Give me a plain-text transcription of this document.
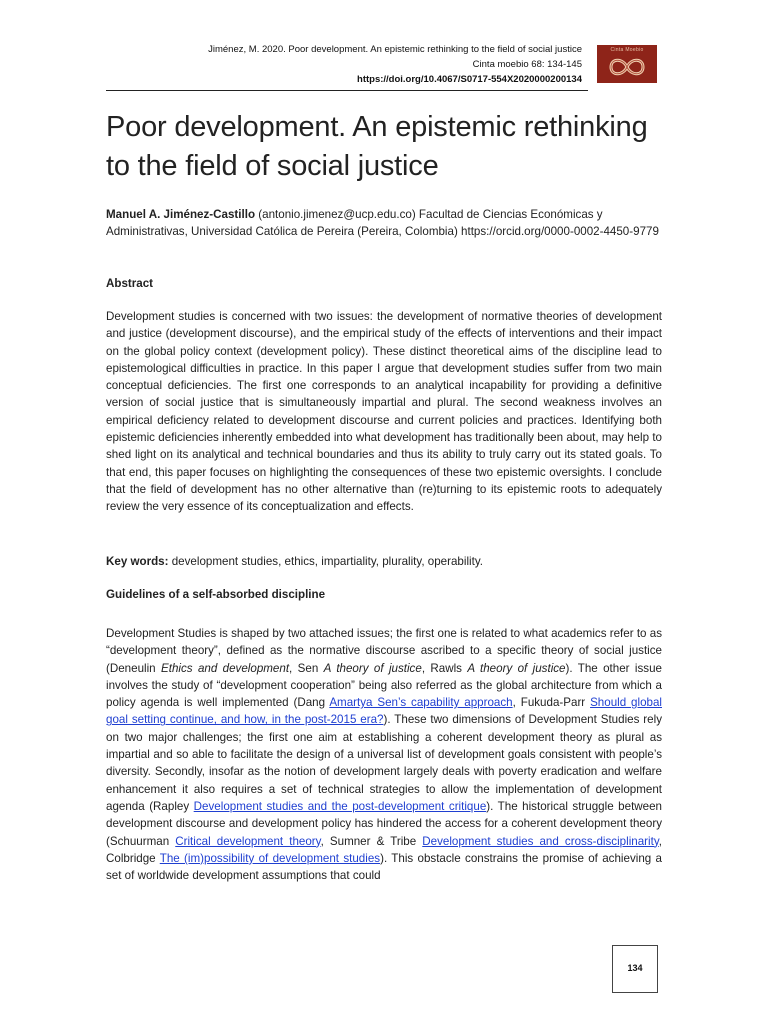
Jiménez, M. 2020. Poor development. An epistemic rethinking to the field of social justice
Cinta moebio 68: 134-145
https://doi.org/10.4067/S0717-554X2020000200134
Cinta Moebio
Poor development. An epistemic rethinking to the field of social justice
Manuel A. Jiménez-Castillo (antonio.jimenez@ucp.edu.co) Facultad de Ciencias Económicas y Administrativas, Universidad Católica de Pereira (Pereira, Colombia) https://orcid.org/0000-0002-4450-9779
Abstract

Development studies is concerned with two issues: the development of normative theories of development and justice (development discourse), and the empirical study of the effects of interventions and their impact on the global policy context (development policy). These distinct theoretical aims of the discipline lead to epistemological difficulties in practice. In this paper I argue that development studies suffer from two main conceptual deficiencies. The first one corresponds to an analytical incapability for providing a definitive version of social justice that is simultaneously impartial and plural. The second weakness involves an empirical deficiency related to development discourse and current policies and practices. Identifying both epistemic deficiencies inherently embedded into what development has traditionally been about, may help to shed light on its analytical and technical boundaries and thus its ability to truly carry out its stated goals. To that end, this paper focuses on highlighting the consequences of these two epistemic oversights. I conclude that the field of development has no other alternative than (re)turning to its epistemic roots to adequately review the very essence of its conceptualization and effects.

Key words: development studies, ethics, impartiality, plurality, operability.

Guidelines of a self-absorbed discipline

Development Studies is shaped by two attached issues; the first one is related to what academics refer to as “development theory”, defined as the normative discourse ascribed to a specific theory of social justice (Deneulin Ethics and development, Sen A theory of justice, Rawls A theory of justice). The other issue involves the study of “development cooperation” being also referred as the global architecture from which a policy agenda is well implemented (Dang Amartya Sen’s capability approach, Fukuda-Parr Should global goal setting continue, and how, in the post-2015 era?). These two dimensions of Development Studies rely on two major challenges; the first one aim at establishing a coherent development theory as plural as impartial and so able to facilitate the design of a universal list of development goals consistent with people’s diversity. Secondly, insofar as the notion of development largely deals with poverty eradication and welfare enhancement it also requires a set of technical strategies to allow the implementation of development agenda (Rapley Development studies and the post-development critique). The historical struggle between development discourse and development policy has hindered the access for a coherent development theory (Schuurman Critical development theory, Sumner & Tribe Development studies and cross-disciplinarity, Colbridge The (im)possibility of development studies). This obstacle constrains the promise of achieving a set of worldwide development assumptions that could

134
